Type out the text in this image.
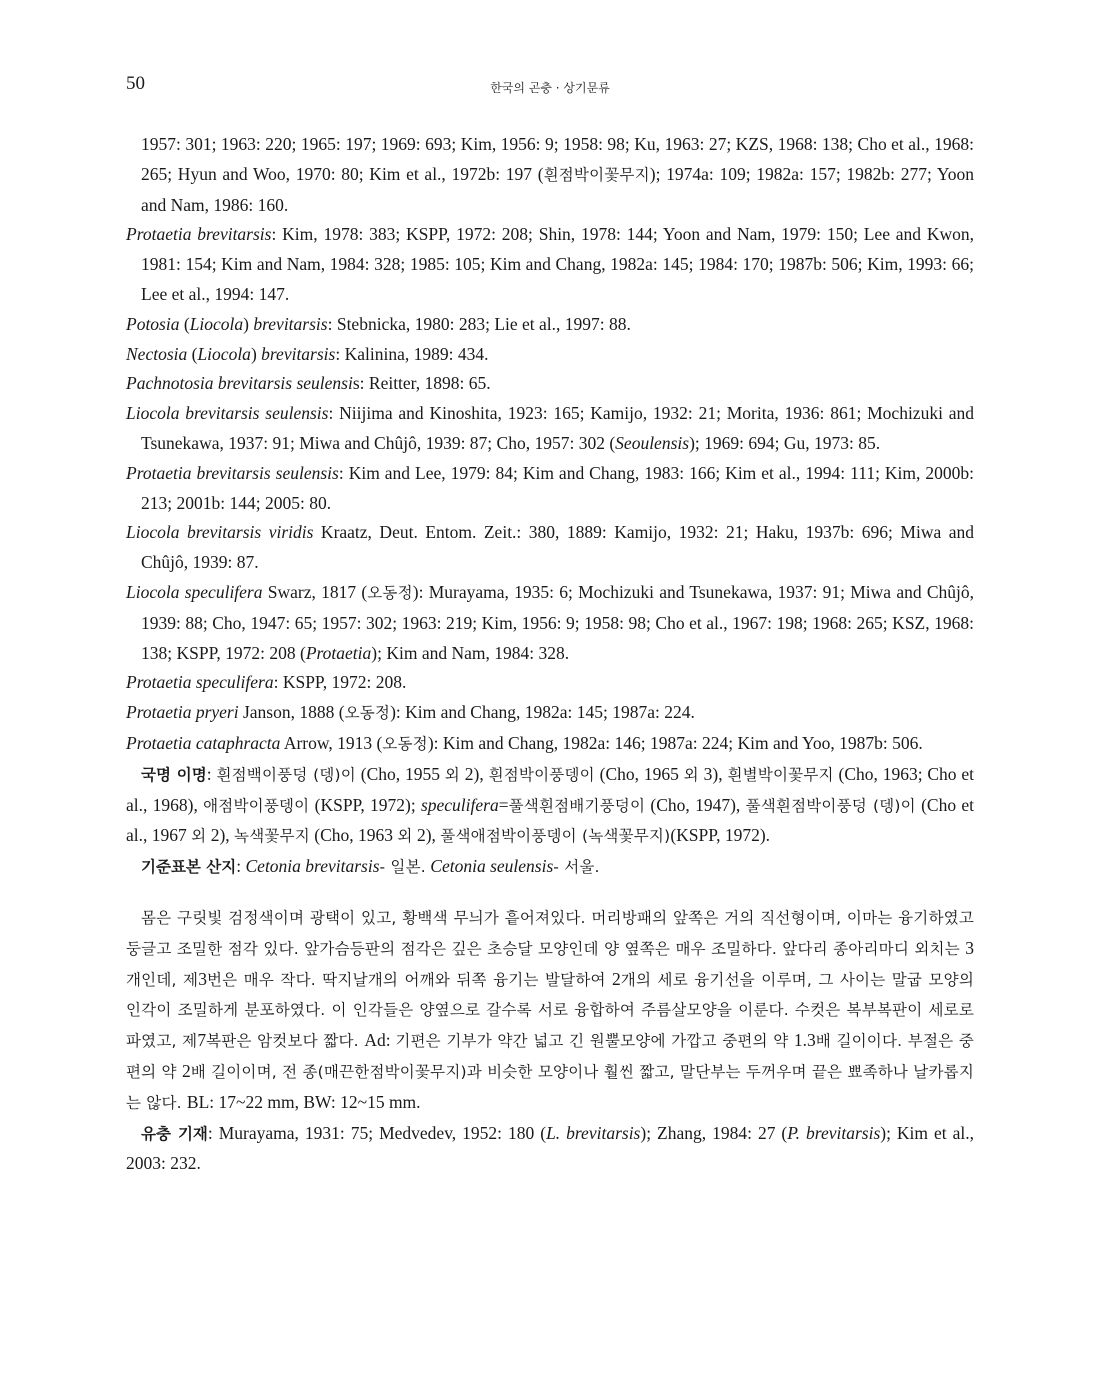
50	한국의 곤충 · 상기문류

1957: 301; 1963: 220; 1965: 197; 1969: 693; Kim, 1956: 9; 1958: 98; Ku, 1963: 27; KZS, 1968: 138; Cho et al., 1968: 265; Hyun and Woo, 1970: 80; Kim et al., 1972b: 197 (흰점박이꽃무지); 1974a: 109; 1982a: 157; 1982b: 277; Yoon and Nam, 1986: 160.

Protaetia brevitarsis: Kim, 1978: 383; KSPP, 1972: 208; Shin, 1978: 144; Yoon and Nam, 1979: 150; Lee and Kwon, 1981: 154; Kim and Nam, 1984: 328; 1985: 105; Kim and Chang, 1982a: 145; 1984: 170; 1987b: 506; Kim, 1993: 66; Lee et al., 1994: 147.

Potosia (Liocola) brevitarsis: Stebnicka, 1980: 283; Lie et al., 1997: 88.

Nectosia (Liocola) brevitarsis: Kalinina, 1989: 434.

Pachnotosia brevitarsis seulensis: Reitter, 1898: 65.

Liocola brevitarsis seulensis: Niijima and Kinoshita, 1923: 165; Kamijo, 1932: 21; Morita, 1936: 861; Mochizuki and Tsunekawa, 1937: 91; Miwa and Chûjô, 1939: 87; Cho, 1957: 302 (Seoulensis); 1969: 694; Gu, 1973: 85.

Protaetia brevitarsis seulensis: Kim and Lee, 1979: 84; Kim and Chang, 1983: 166; Kim et al., 1994: 111; Kim, 2000b: 213; 2001b: 144; 2005: 80.

Liocola brevitarsis viridis Kraatz, Deut. Entom. Zeit.: 380, 1889: Kamijo, 1932: 21; Haku, 1937b: 696; Miwa and Chûjô, 1939: 87.

Liocola speculifera Swarz, 1817 (오동정): Murayama, 1935: 6; Mochizuki and Tsunekawa, 1937: 91; Miwa and Chûjô, 1939: 88; Cho, 1947: 65; 1957: 302; 1963: 219; Kim, 1956: 9; 1958: 98; Cho et al., 1967: 198; 1968: 265; KSZ, 1968: 138; KSPP, 1972: 208 (Protaetia); Kim and Nam, 1984: 328.

Protaetia speculifera: KSPP, 1972: 208.

Protaetia pryeri Janson, 1888 (오동정): Kim and Chang, 1982a: 145; 1987a: 224.

Protaetia cataphracta Arrow, 1913 (오동정): Kim and Chang, 1982a: 146; 1987a: 224; Kim and Yoo, 1987b: 506.

국명 이명: 흰점백이풍덩 (뎅)이 (Cho, 1955 외 2), 흰점박이풍뎅이 (Cho, 1965 외 3), 흰별박이꽃무지 (Cho, 1963; Cho et al., 1968), 애점박이풍뎅이 (KSPP, 1972); speculifera=풀색흰점배기풍덩이 (Cho, 1947), 풀색흰점박이풍덩 (뎅)이 (Cho et al., 1967 외 2), 녹색꽃무지 (Cho, 1963 외 2), 풀색애점박이풍뎅이 (녹색꽃무지)(KSPP, 1972).

기준표본 산지: Cetonia brevitarsis- 일본. Cetonia seulensis- 서울.

몸은 구릿빛 검정색이며 광택이 있고, 황백색 무늬가 흩어져있다. 머리방패의 앞쪽은 거의 직선형이며, 이마는 융기하였고 둥글고 조밀한 점각 있다. 앞가슴등판의 점각은 깊은 초승달 모양인데 양 옆쪽은 매우 조밀하다. 앞다리 종아리마디 외치는 3개인데, 제3번은 매우 작다. 딱지날개의 어깨와 뒤쪽 융기는 발달하여 2개의 세로 융기선을 이루며, 그 사이는 말굽 모양의 인각이 조밀하게 분포하였다. 이 인각들은 양옆으로 갈수록 서로 융합하여 주름살모양을 이룬다. 수컷은 복부복판이 세로로 파였고, 제7복판은 암컷보다 짧다. Ad: 기편은 기부가 약간 넓고 긴 원뿔모양에 가깝고 중편의 약 1.3배 길이이다. 부절은 중편의 약 2배 길이이며, 전 종(매끈한점박이꽃무지)과 비슷한 모양이나 훨씬 짧고, 말단부는 두꺼우며 끝은 뾰족하나 날카롭지는 않다. BL: 17~22 mm, BW: 12~15 mm.

유충 기재: Murayama, 1931: 75; Medvedev, 1952: 180 (L. brevitarsis); Zhang, 1984: 27 (P. brevitarsis); Kim et al., 2003: 232.
